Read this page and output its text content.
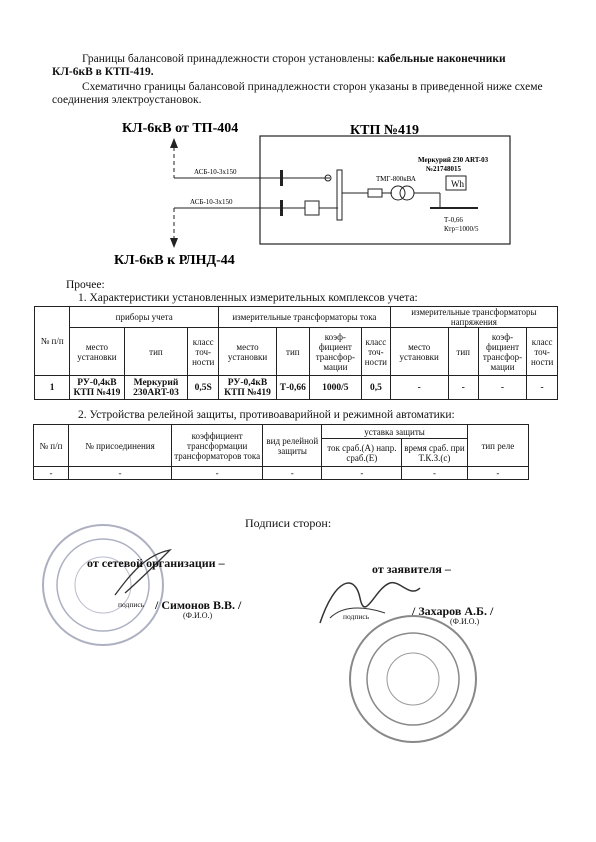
Границы балансовой принадлежности сторон установлены: кабельные наконечники
КЛ-6кВ в КТП-419.
Схематично границы балансовой принадлежности сторон указаны в приведенной ниже схеме соединения электроустановок.
КЛ-6кВ от ТП-404
КЛ-6кВ к РЛНД-44
АСБ-10-3х150
АСБ-10-3х150
КТП №419
ТМГ-800кВА
Меркурий 230 ART-03
№21748015
Wh
Т-0,66
Ктр=1000/5
Прочее:
1. Характеристики установленных измерительных комплексов учета:
№ п/п	приборы учета			измерительные трансформаторы тока				измерительные трансформаторы напряжения			
	место установки	тип	класс точ-ности	место установки	тип	коэф-фициент трансфор-мации	класс точ-ности	место установки	тип	коэф-фициент трансфор-мации	класс точ-ности
1	РУ-0,4кВ КТП №419	Меркурий 230ART-03	0,5S	РУ-0,4кВ КТП №419	Т-0,66	1000/5	0,5	-	-	-	-
2. Устройства релейной защиты, противоаварийной и режимной автоматики:
№ п/п	№ присоединения	коэффициент трансформации трансформаторов тока	вид релейной защиты	уставка защиты		тип реле
				ток сраб.(А) напр. сраб.(Е)	время сраб. при Т.К.З.(с)	
-	-	-	-	-	-	-
Подписи сторон:
от сетевой организации –	от заявителя –
подпись / Симонов В.В. /
(Ф.И.О.)	подпись	/ Захаров А.Б. /
(Ф.И.О.)
